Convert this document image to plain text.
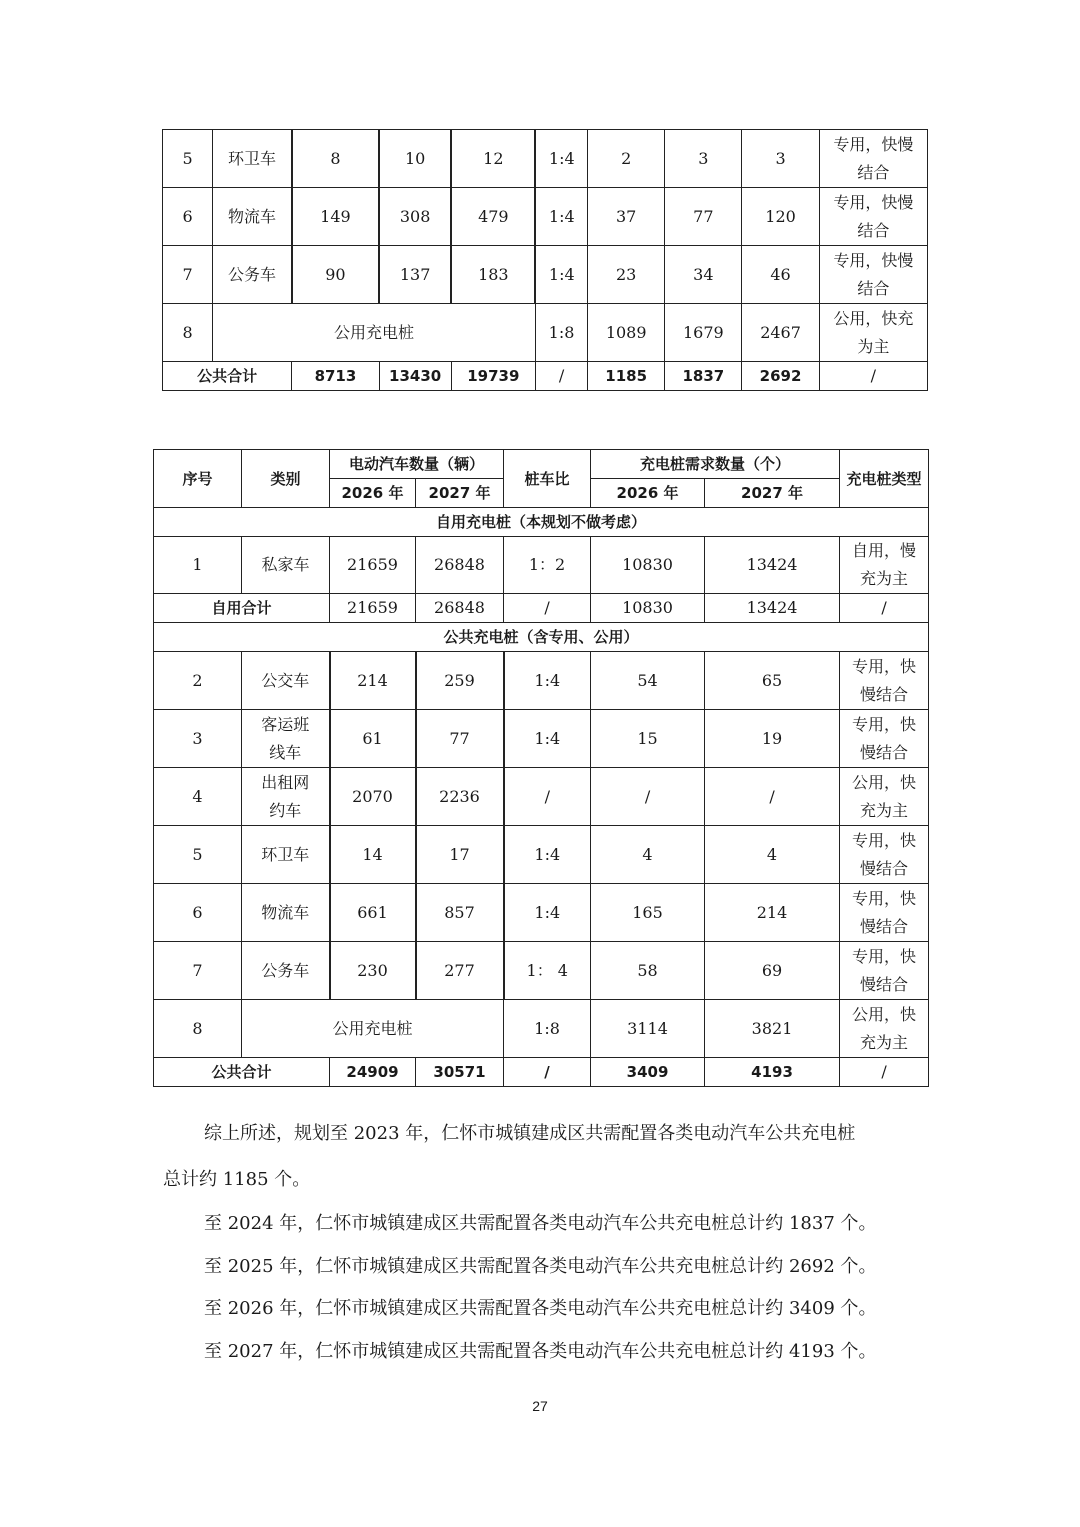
5	环卫车	8	10	12	1:4	2	3	3	专用，快慢结合
6	物流车	149	308	479	1:4	37	77	120	专用，快慢结合
7	公务车	90	137	183	1:4	23	34	46	专用，快慢结合
8	公用充电桩				1:8	1089	1679	2467	公用，快充为主
公共合计		8713	13430	19739	/	1185	1837	2692	/
序号	类别	电动汽车数量（辆）		桩车比	充电桩需求数量（个）		充电桩类型
		2026 年	2027 年		2026 年	2027 年	
自用充电桩（本规划不做考虑）							
1	私家车	21659	26848	1：2	10830	13424	自用，慢充为主
自用合计		21659	26848	/	10830	13424	/
公共充电桩（含专用、公用）							
2	公交车	214	259	1:4	54	65	专用，快慢结合
3	客运班线车	61	77	1:4	15	19	专用，快慢结合
4	出租网约车	2070	2236	/	/	/	公用，快充为主
5	环卫车	14	17	1:4	4	4	专用，快慢结合
6	物流车	661	857	1:4	165	214	专用，快慢结合
7	公务车	230	277	1： 4	58	69	专用，快慢结合
8	公用充电桩			1:8	3114	3821	公用，快充为主
公共合计		24909	30571	/	3409	4193	/
综上所述，规划至 2023 年，仁怀市城镇建成区共需配置各类电动汽车公共充电桩
总计约 1185 个。
至 2024 年，仁怀市城镇建成区共需配置各类电动汽车公共充电桩总计约 1837 个。
至 2025 年，仁怀市城镇建成区共需配置各类电动汽车公共充电桩总计约 2692 个。
至 2026 年，仁怀市城镇建成区共需配置各类电动汽车公共充电桩总计约 3409 个。
至 2027 年，仁怀市城镇建成区共需配置各类电动汽车公共充电桩总计约 4193 个。
27
